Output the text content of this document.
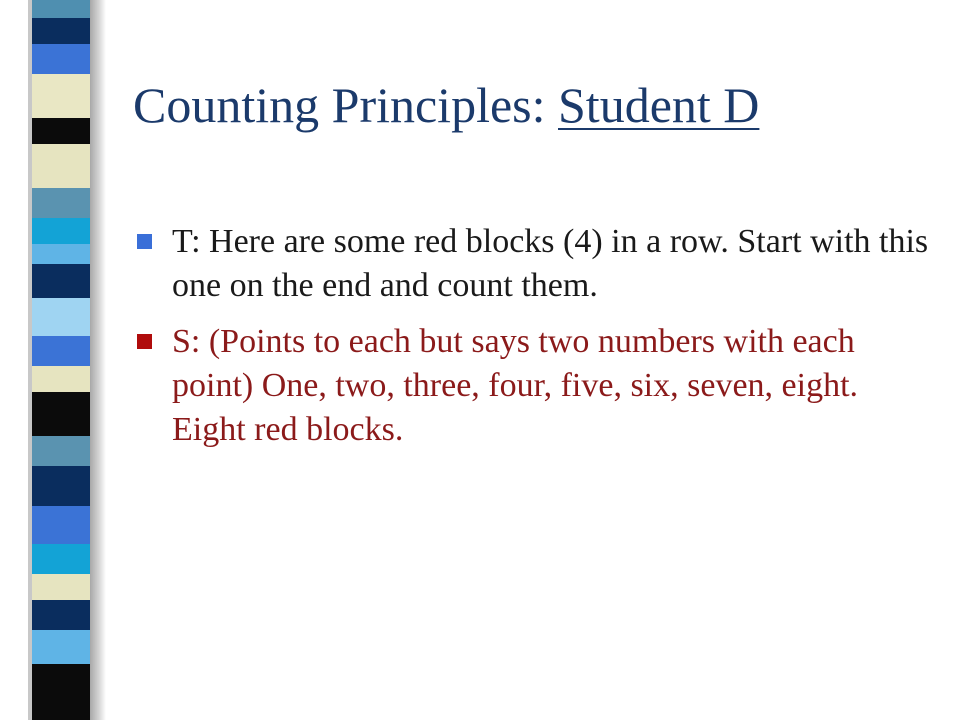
Counting Principles: Student D
T: Here are some red blocks (4) in a row. Start with this one on the end and count them.
S: (Points to each but says two numbers with each point) One, two, three, four, five, six, seven, eight. Eight red blocks.
